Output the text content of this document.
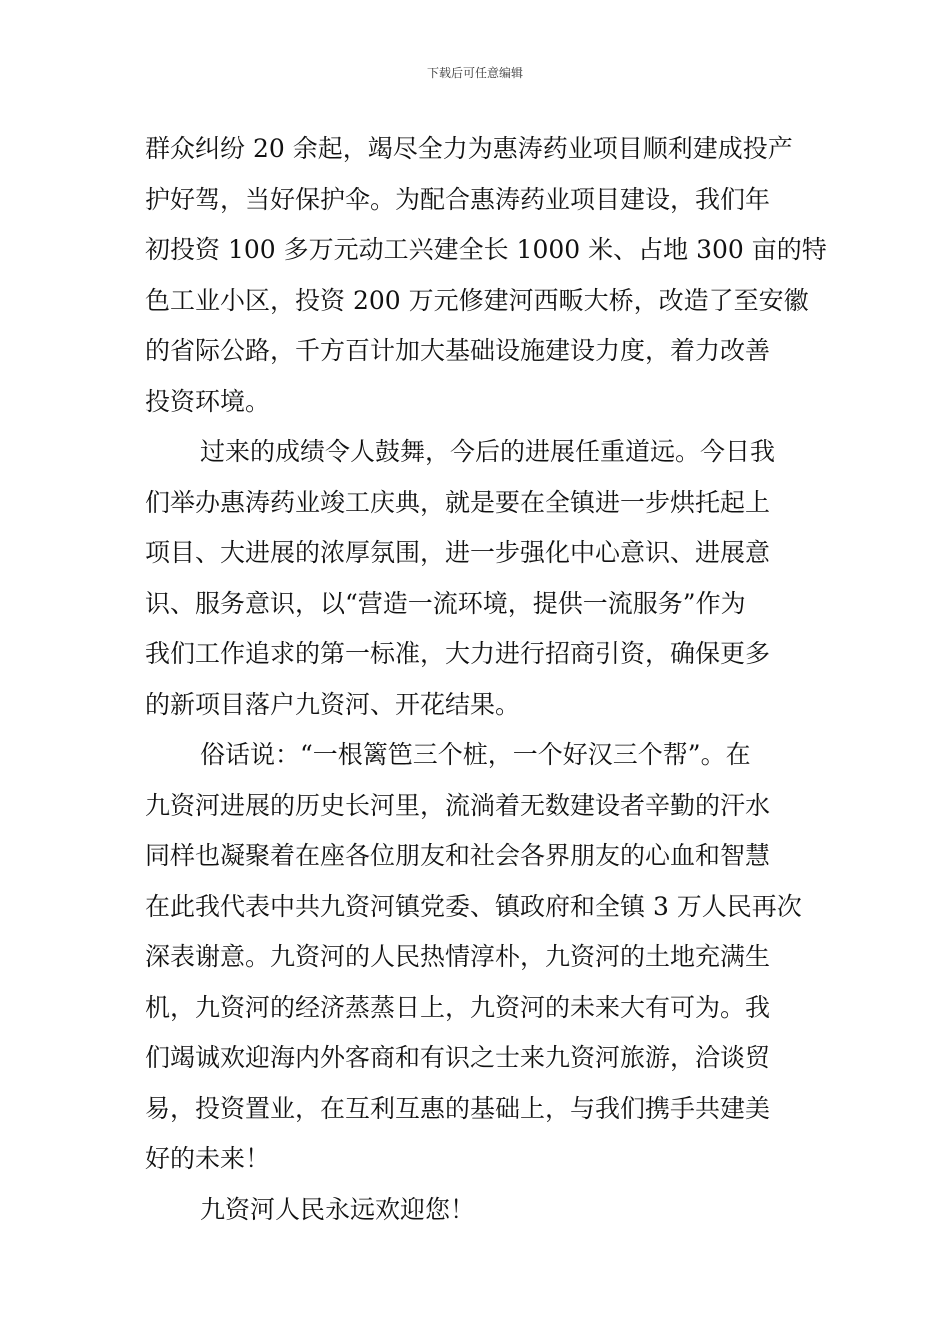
下载后可任意编辑
群众纠纷 20 余起，竭尽全力为惠涛药业项目顺利建成投产
护好驾，当好保护伞。为配合惠涛药业项目建设，我们年
初投资 100 多万元动工兴建全长 1000 米、占地 300 亩的特
色工业小区，投资 200 万元修建河西畈大桥，改造了至安徽
的省际公路，千方百计加大基础设施建设力度，着力改善
投资环境。
过来的成绩令人鼓舞，今后的进展任重道远。今日我
们举办惠涛药业竣工庆典，就是要在全镇进一步烘托起上
项目、大进展的浓厚氛围，进一步强化中心意识、进展意
识、服务意识，以“营造一流环境，提供一流服务”作为
我们工作追求的第一标准，大力进行招商引资，确保更多
的新项目落户九资河、开花结果。
俗话说：“一根篱笆三个桩，一个好汉三个帮”。在
九资河进展的历史长河里，流淌着无数建设者辛勤的汗水
同样也凝聚着在座各位朋友和社会各界朋友的心血和智慧
在此我代表中共九资河镇党委、镇政府和全镇 3 万人民再次
深表谢意。九资河的人民热情淳朴，九资河的土地充满生
机，九资河的经济蒸蒸日上，九资河的未来大有可为。我
们竭诚欢迎海内外客商和有识之士来九资河旅游，洽谈贸
易，投资置业，在互利互惠的基础上，与我们携手共建美
好的未来！
九资河人民永远欢迎您！
